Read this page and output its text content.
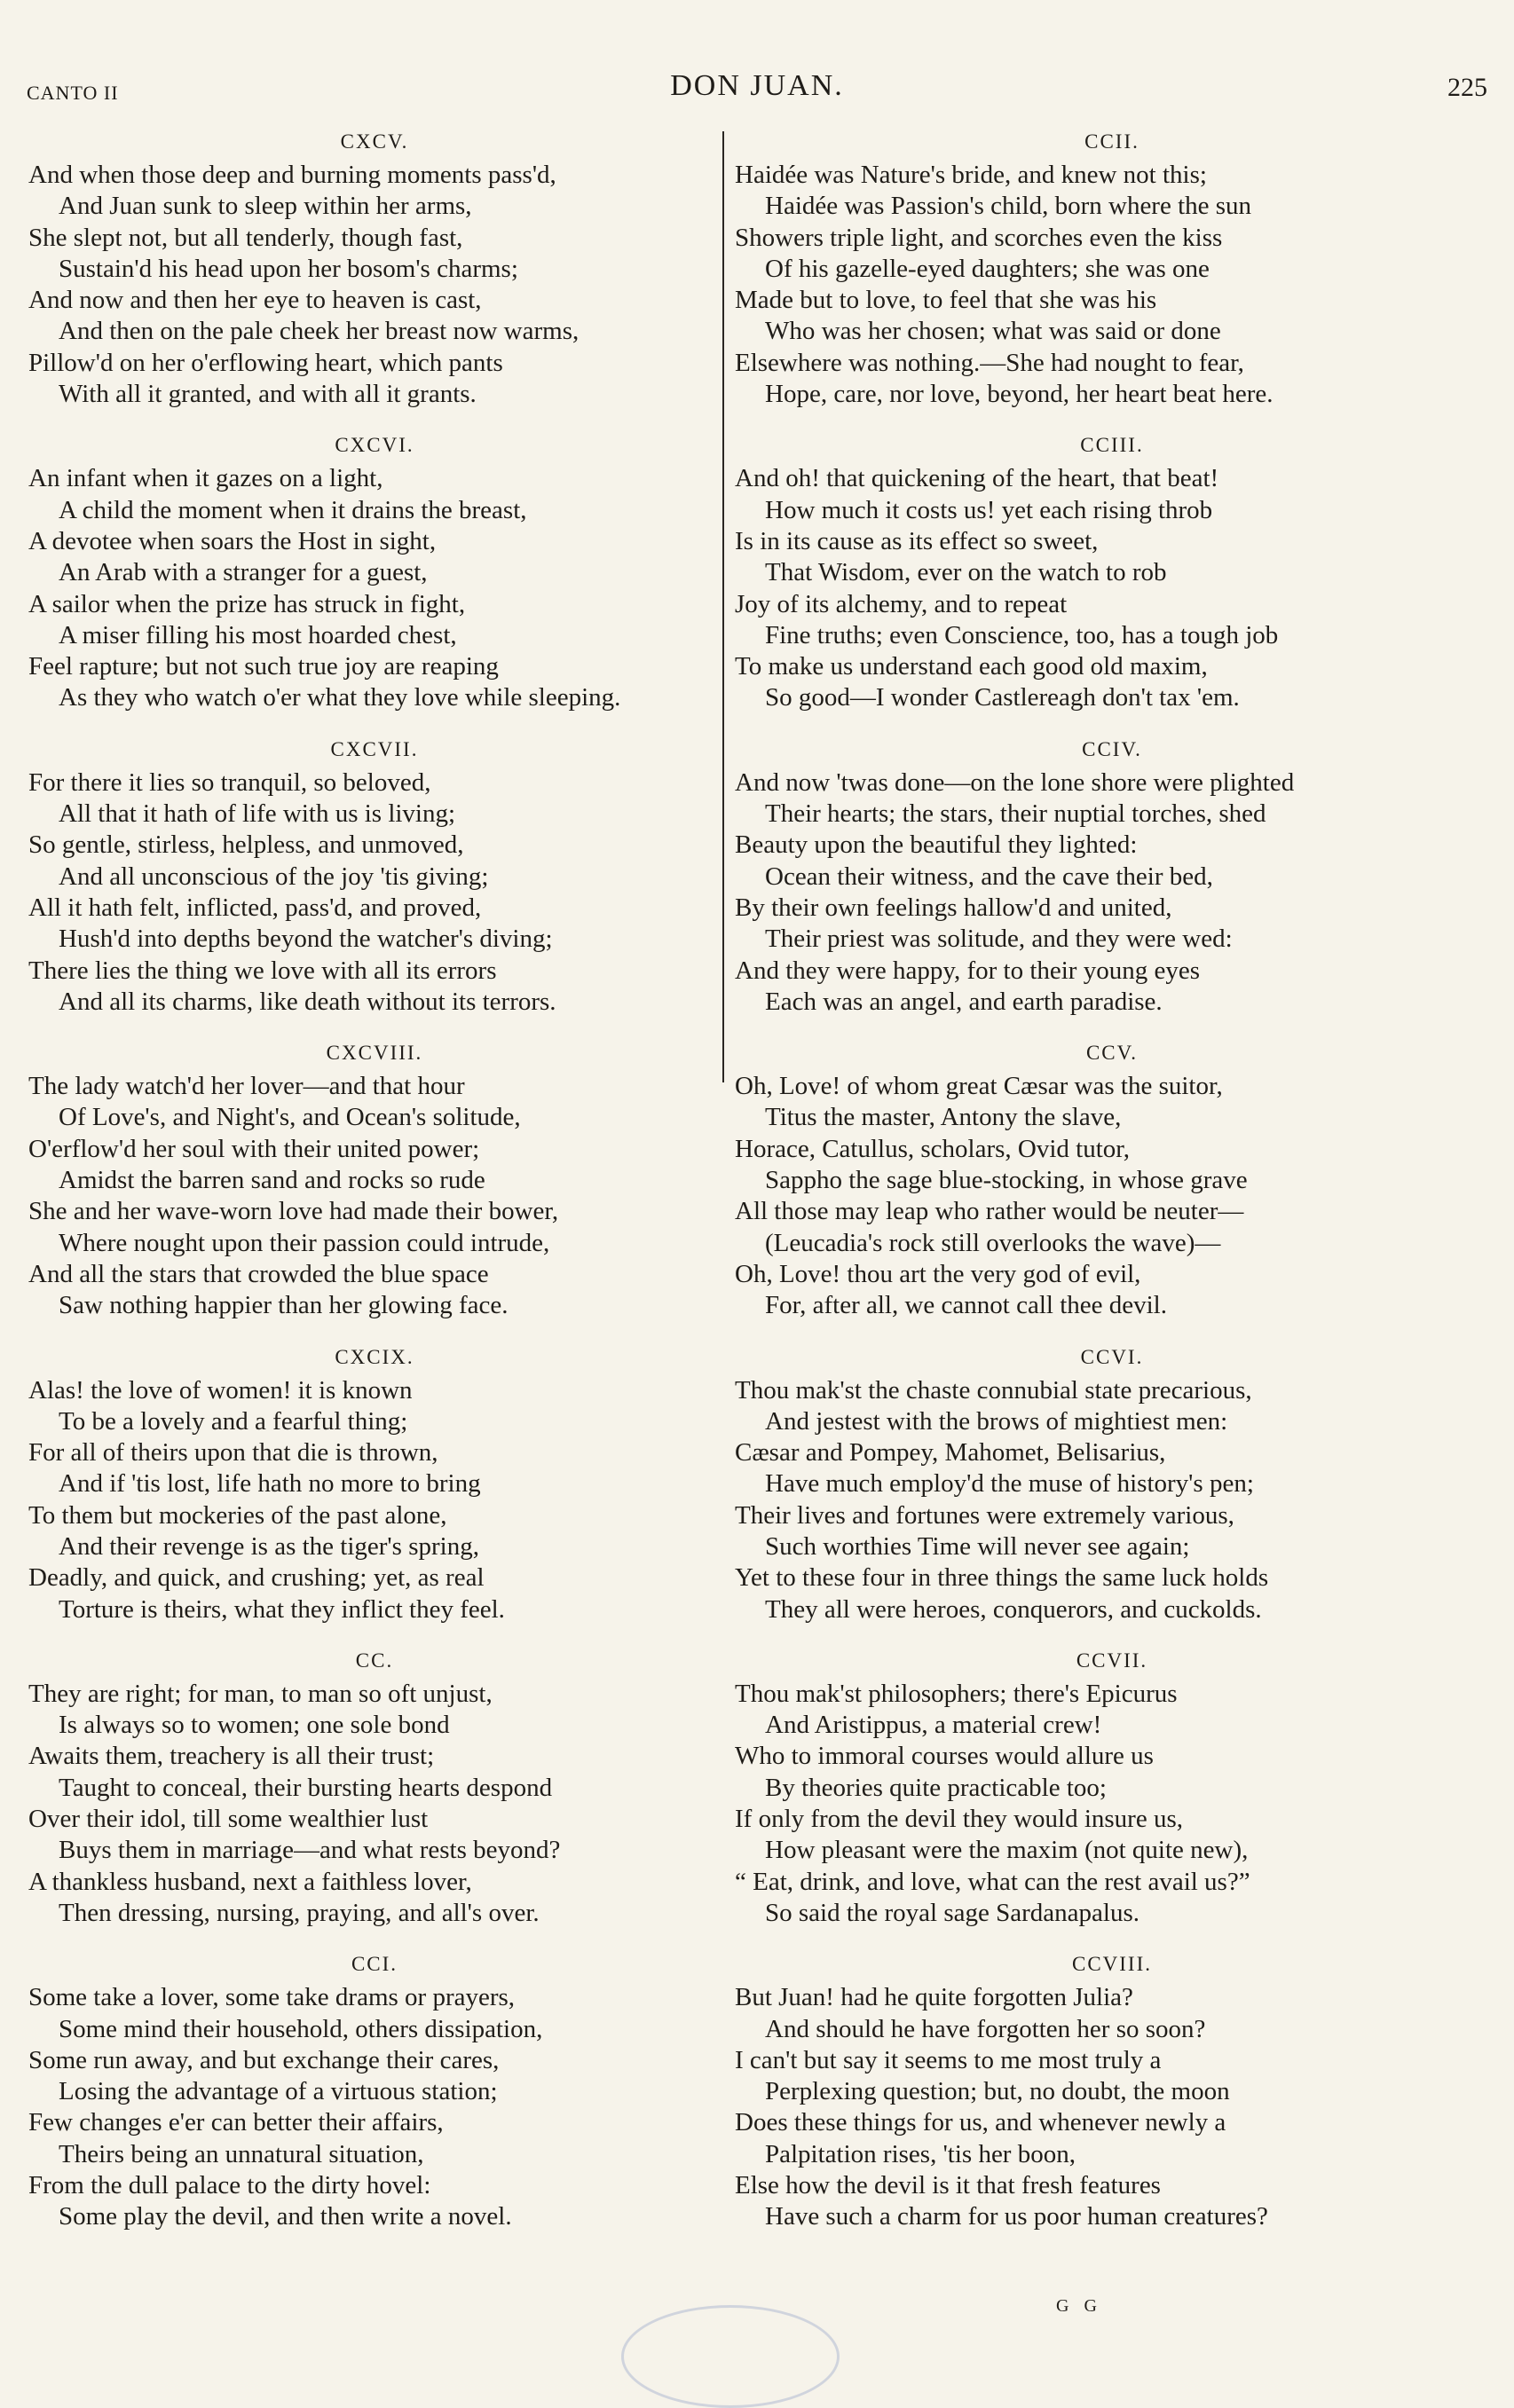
CANTO II	DON JUAN.	225
CXCV.
And when those deep and burning moments pass'd,
And Juan sunk to sleep within her arms,
She slept not, but all tenderly, though fast,
Sustain'd his head upon her bosom's charms;
And now and then her eye to heaven is cast,
And then on the pale cheek her breast now warms,
Pillow'd on her o'erflowing heart, which pants
With all it granted, and with all it grants.
CXCVI.
An infant when it gazes on a light,
A child the moment when it drains the breast,
A devotee when soars the Host in sight,
An Arab with a stranger for a guest,
A sailor when the prize has struck in fight,
A miser filling his most hoarded chest,
Feel rapture; but not such true joy are reaping
As they who watch o'er what they love while sleeping.
CXCVII.
For there it lies so tranquil, so beloved,
All that it hath of life with us is living;
So gentle, stirless, helpless, and unmoved,
And all unconscious of the joy 'tis giving;
All it hath felt, inflicted, pass'd, and proved,
Hush'd into depths beyond the watcher's diving;
There lies the thing we love with all its errors
And all its charms, like death without its terrors.
CXCVIII.
The lady watch'd her lover—and that hour
Of Love's, and Night's, and Ocean's solitude,
O'erflow'd her soul with their united power;
Amidst the barren sand and rocks so rude
She and her wave-worn love had made their bower,
Where nought upon their passion could intrude,
And all the stars that crowded the blue space
Saw nothing happier than her glowing face.
CXCIX.
Alas! the love of women! it is known
To be a lovely and a fearful thing;
For all of theirs upon that die is thrown,
And if 'tis lost, life hath no more to bring
To them but mockeries of the past alone,
And their revenge is as the tiger's spring,
Deadly, and quick, and crushing; yet, as real
Torture is theirs, what they inflict they feel.
CC.
They are right; for man, to man so oft unjust,
Is always so to women; one sole bond
Awaits them, treachery is all their trust;
Taught to conceal, their bursting hearts despond
Over their idol, till some wealthier lust
Buys them in marriage—and what rests beyond?
A thankless husband, next a faithless lover,
Then dressing, nursing, praying, and all's over.
CCI.
Some take a lover, some take drams or prayers,
Some mind their household, others dissipation,
Some run away, and but exchange their cares,
Losing the advantage of a virtuous station;
Few changes e'er can better their affairs,
Theirs being an unnatural situation,
From the dull palace to the dirty hovel:
Some play the devil, and then write a novel.
CCII.
Haidée was Nature's bride, and knew not this;
Haidée was Passion's child, born where the sun
Showers triple light, and scorches even the kiss
Of his gazelle-eyed daughters; she was one
Made but to love, to feel that she was his
Who was her chosen; what was said or done
Elsewhere was nothing.—She had nought to fear,
Hope, care, nor love, beyond, her heart beat here.
CCIII.
And oh! that quickening of the heart, that beat!
How much it costs us! yet each rising throb
Is in its cause as its effect so sweet,
That Wisdom, ever on the watch to rob
Joy of its alchemy, and to repeat
Fine truths; even Conscience, too, has a tough job
To make us understand each good old maxim,
So good—I wonder Castlereagh don't tax 'em.
CCIV.
And now 'twas done—on the lone shore were plighted
Their hearts; the stars, their nuptial torches, shed
Beauty upon the beautiful they lighted:
Ocean their witness, and the cave their bed,
By their own feelings hallow'd and united,
Their priest was solitude, and they were wed:
And they were happy, for to their young eyes
Each was an angel, and earth paradise.
CCV.
Oh, Love! of whom great Cæsar was the suitor,
Titus the master, Antony the slave,
Horace, Catullus, scholars, Ovid tutor,
Sappho the sage blue-stocking, in whose grave
All those may leap who rather would be neuter—
(Leucadia's rock still overlooks the wave)—
Oh, Love! thou art the very god of evil,
For, after all, we cannot call thee devil.
CCVI.
Thou mak'st the chaste connubial state precarious,
And jestest with the brows of mightiest men:
Cæsar and Pompey, Mahomet, Belisarius,
Have much employ'd the muse of history's pen;
Their lives and fortunes were extremely various,
Such worthies Time will never see again;
Yet to these four in three things the same luck holds
They all were heroes, conquerors, and cuckolds.
CCVII.
Thou mak'st philosophers; there's Epicurus
And Aristippus, a material crew!
Who to immoral courses would allure us
By theories quite practicable too;
If only from the devil they would insure us,
How pleasant were the maxim (not quite new),
“ Eat, drink, and love, what can the rest avail us?”
So said the royal sage Sardanapalus.
CCVIII.
But Juan! had he quite forgotten Julia?
And should he have forgotten her so soon?
I can't but say it seems to me most truly a
Perplexing question; but, no doubt, the moon
Does these things for us, and whenever newly a
Palpitation rises, 'tis her boon,
Else how the devil is it that fresh features
Have such a charm for us poor human creatures?
G G
